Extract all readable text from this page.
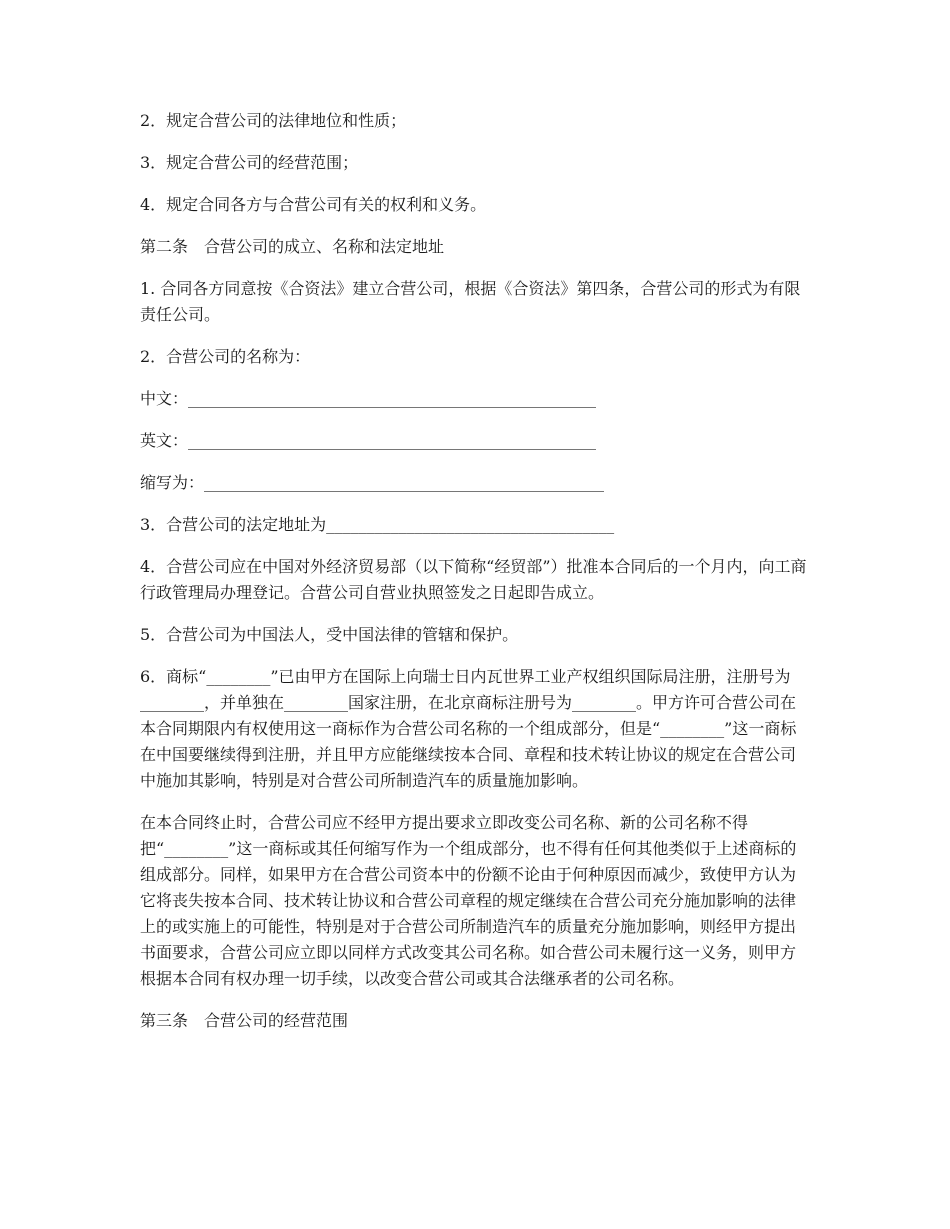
2．规定合营公司的法律地位和性质；

3．规定合营公司的经营范围；

4．规定合同各方与合营公司有关的权利和义务。

第二条　合营公司的成立、名称和法定地址

1. 合同各方同意按《合资法》建立合营公司，根据《合资法》第四条，合营公司的形式为有限责任公司。

2．合营公司的名称为：

中文：___________________________________________________

英文：___________________________________________________

缩写为：__________________________________________________

3．合营公司的法定地址为____________________________________

4．合营公司应在中国对外经济贸易部（以下简称“经贸部”）批准本合同后的一个月内，向工商行政管理局办理登记。合营公司自营业执照签发之日起即告成立。

5．合营公司为中国法人，受中国法律的管辖和保护。

6．商标“________”已由甲方在国际上向瑞士日内瓦世界工业产权组织国际局注册，注册号为________，并单独在________国家注册，在北京商标注册号为________。甲方许可合营公司在本合同期限内有权使用这一商标作为合营公司名称的一个组成部分，但是“________”这一商标在中国要继续得到注册，并且甲方应能继续按本合同、章程和技术转让协议的规定在合营公司中施加其影响，特别是对合营公司所制造汽车的质量施加影响。

在本合同终止时，合营公司应不经甲方提出要求立即改变公司名称、新的公司名称不得把“________”这一商标或其任何缩写作为一个组成部分，也不得有任何其他类似于上述商标的组成部分。同样，如果甲方在合营公司资本中的份额不论由于何种原因而减少，致使甲方认为它将丧失按本合同、技术转让协议和合营公司章程的规定继续在合营公司充分施加影响的法律上的或实施上的可能性，特别是对于合营公司所制造汽车的质量充分施加影响，则经甲方提出书面要求，合营公司应立即以同样方式改变其公司名称。如合营公司未履行这一义务，则甲方根据本合同有权办理一切手续，以改变合营公司或其合法继承者的公司名称。

第三条　合营公司的经营范围
